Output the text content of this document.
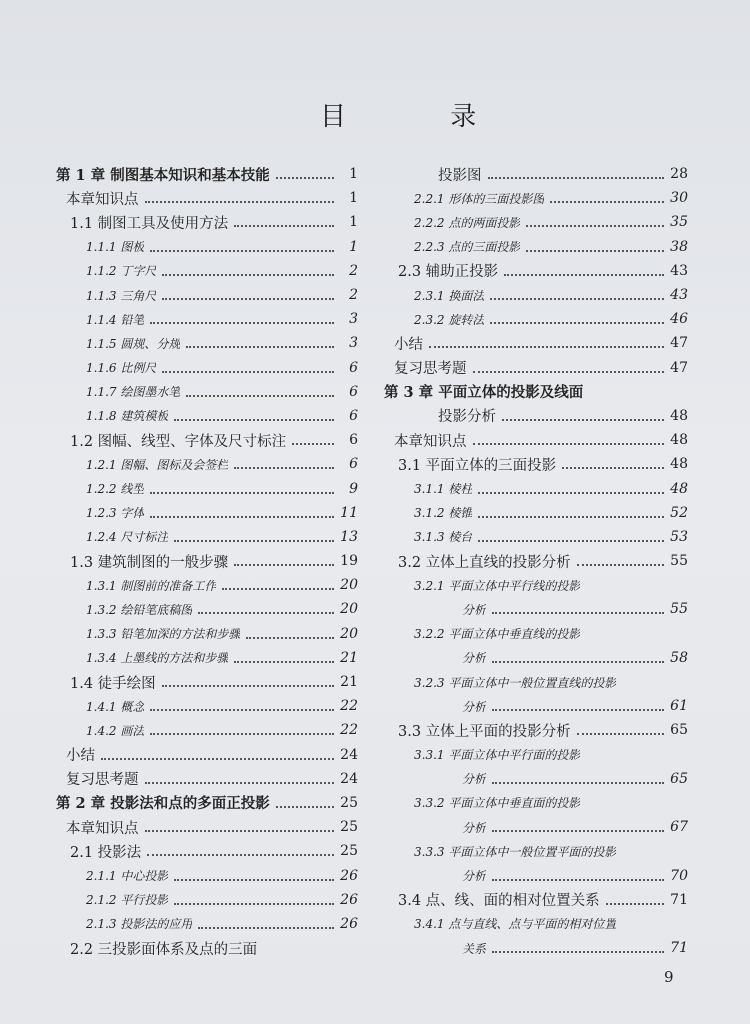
目 录
第 1 章 制图基本知识和基本技能	1
本章知识点	1
1.1 制图工具及使用方法	1
1.1.1 图板	1
1.1.2 丁字尺	2
1.1.3 三角尺	2
1.1.4 铅笔	3
1.1.5 圆规、分规	3
1.1.6 比例尺	6
1.1.7 绘图墨水笔	6
1.1.8 建筑模板	6
1.2 图幅、线型、字体及尺寸标注	6
1.2.1 图幅、图标及会签栏	6
1.2.2 线型	9
1.2.3 字体	11
1.2.4 尺寸标注	13
1.3 建筑制图的一般步骤	19
1.3.1 制图前的准备工作	20
1.3.2 绘铅笔底稿图	20
1.3.3 铅笔加深的方法和步骤	20
1.3.4 上墨线的方法和步骤	21
1.4 徒手绘图	21
1.4.1 概念	22
1.4.2 画法	22
小结	24
复习思考题	24
第 2 章 投影法和点的多面正投影	25
本章知识点	25
2.1 投影法	25
2.1.1 中心投影	26
2.1.2 平行投影	26
2.1.3 投影法的应用	26
2.2 三投影面体系及点的三面
投影图	28
2.2.1 形体的三面投影图	30
2.2.2 点的两面投影	35
2.2.3 点的三面投影	38
2.3 辅助正投影	43
2.3.1 换面法	43
2.3.2 旋转法	46
小结	47
复习思考题	47
第 3 章 平面立体的投影及线面
投影分析	48
本章知识点	48
3.1 平面立体的三面投影	48
3.1.1 棱柱	48
3.1.2 棱锥	52
3.1.3 棱台	53
3.2 立体上直线的投影分析	55
3.2.1 平面立体中平行线的投影
分析	55
3.2.2 平面立体中垂直线的投影
分析	58
3.2.3 平面立体中一般位置直线的投影
分析	61
3.3 立体上平面的投影分析	65
3.3.1 平面立体中平行面的投影
分析	65
3.3.2 平面立体中垂直面的投影
分析	67
3.3.3 平面立体中一般位置平面的投影
分析	70
3.4 点、线、面的相对位置关系	71
3.4.1 点与直线、点与平面的相对位置
关系	71
9
